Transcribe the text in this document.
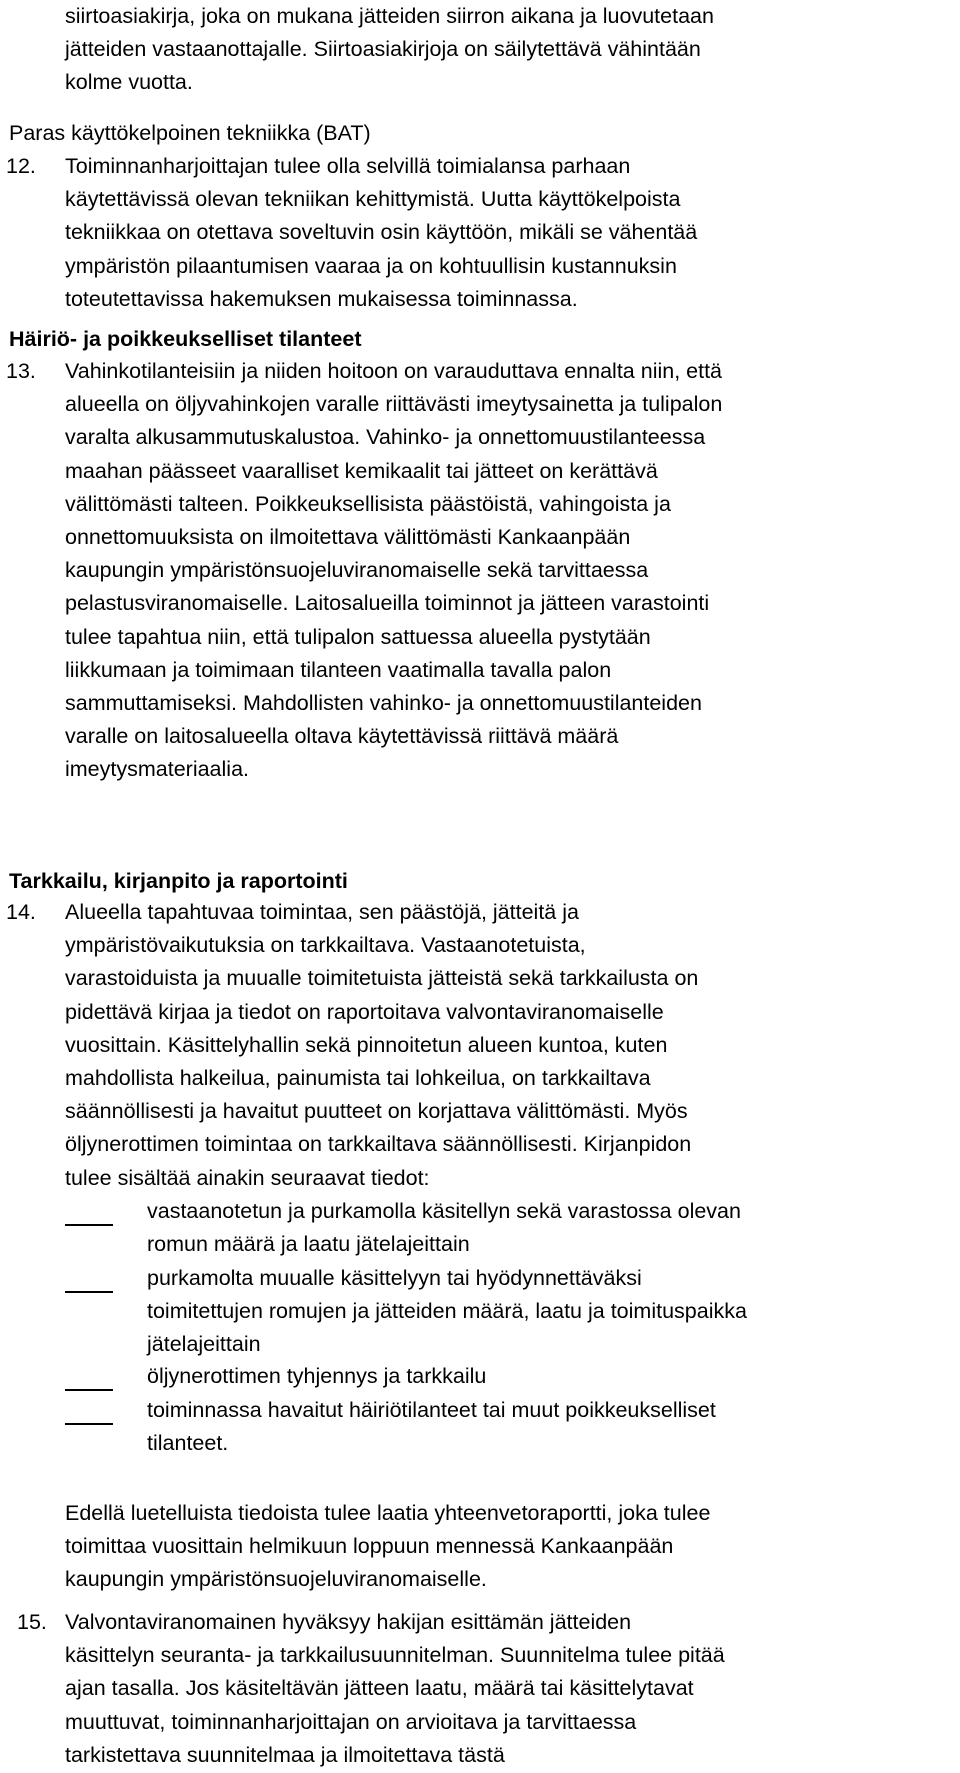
siirtoasiakirja, joka on mukana jätteiden siirron aikana ja luovutetaan
jätteiden vastaanottajalle. Siirtoasiakirjoja on säilytettävä vähintään
kolme vuotta.
Paras käyttökelpoinen tekniikka (BAT)
12.	Toiminnanharjoittajan tulee olla selvillä toimialansa parhaan
käytettävissä olevan tekniikan kehittymistä. Uutta käyttökelpoista
tekniikkaa on otettava soveltuvin osin käyttöön, mikäli se vähentää
ympäristön pilaantumisen vaaraa ja on kohtuullisin kustannuksin
toteutettavissa hakemuksen mukaisessa toiminnassa.
Häiriö- ja poikkeukselliset tilanteet
13.	Vahinkotilanteisiin ja niiden hoitoon on varauduttava ennalta niin, että
alueella on öljyvahinkojen varalle riittävästi imeytysainetta ja tulipalon
varalta alkusammutuskalustoa. Vahinko- ja onnettomuustilanteessa
maahan päässeet vaaralliset kemikaalit tai jätteet on kerättävä
välittömästi talteen. Poikkeuksellisista päästöistä, vahingoista ja
onnettomuuksista on ilmoitettava välittömästi Kankaanpään
kaupungin ympäristönsuojeluviranomaiselle sekä tarvittaessa
pelastusviranomaiselle. Laitosalueilla toiminnot ja jätteen varastointi
tulee tapahtua niin, että tulipalon sattuessa alueella pystytään
liikkumaan ja toimimaan tilanteen vaatimalla tavalla palon
sammuttamiseksi. Mahdollisten vahinko- ja onnettomuustilanteiden
varalle on laitosalueella oltava käytettävissä riittävä määrä
imeytysmateriaalia.
Tarkkailu, kirjanpito ja raportointi
14.	Alueella tapahtuvaa toimintaa, sen päästöjä, jätteitä ja
ympäristövaikutuksia on tarkkailtava. Vastaanotetuista,
varastoiduista ja muualle toimitetuista jätteistä sekä tarkkailusta on
pidettävä kirjaa ja tiedot on raportoitava valvontaviranomaiselle
vuosittain. Käsittelyhallin sekä pinnoitetun alueen kuntoa, kuten
mahdollista halkeilua, painumista tai lohkeilua, on tarkkailtava
säännöllisesti ja havaitut puutteet on korjattava välittömästi. Myös
öljynerottimen toimintaa on tarkkailtava säännöllisesti. Kirjanpidon
tulee sisältää ainakin seuraavat tiedot:
vastaanotetun ja purkamolla käsitellyn sekä varastossa olevan
romun määrä ja laatu jätelajeittain
purkamolta muualle käsittelyyn tai hyödynnettäväksi
toimitettujen romujen ja jätteiden määrä, laatu ja toimituspaikka
jätelajeittain
öljynerottimen tyhjennys ja tarkkailu
toiminnassa havaitut häiriötilanteet tai muut poikkeukselliset
tilanteet.
Edellä luetelluista tiedoista tulee laatia yhteenvetoraportti, joka tulee
toimittaa vuosittain helmikuun loppuun mennessä Kankaanpään
kaupungin ympäristönsuojeluviranomaiselle.
15. Valvontaviranomainen hyväksyy hakijan esittämän jätteiden
käsittelyn seuranta- ja tarkkailusuunnitelman. Suunnitelma tulee pitää
ajan tasalla. Jos käsiteltävän jätteen laatu, määrä tai käsittelytavat
muuttuvat, toiminnanharjoittajan on arvioitava ja tarvittaessa
tarkistettava suunnitelmaa ja ilmoitettava tästä
